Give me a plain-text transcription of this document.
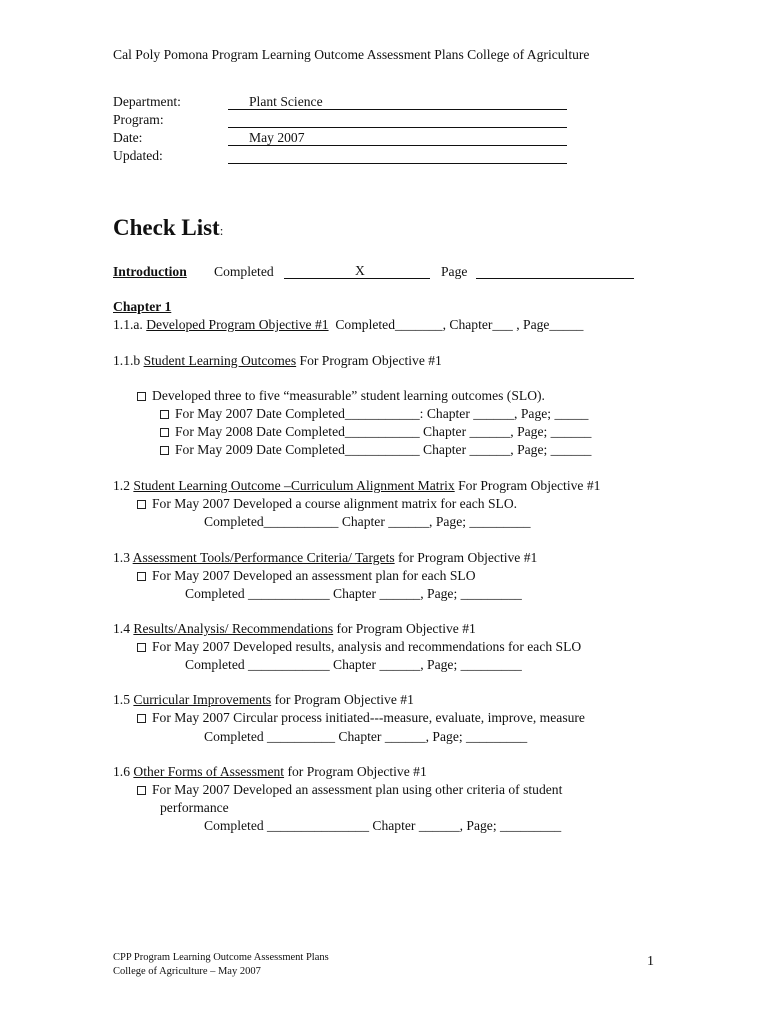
Cal Poly Pomona Program Learning Outcome Assessment Plans College of Agriculture
Department:	Plant Science
Program:
Date:	May 2007
Updated:
Check List:
Introduction Completed	X	Page
Chapter 1
1.1.a. Developed Program Objective #1  Completed_______, Chapter___ , Page_____
1.1.b Student Learning Outcomes For Program Objective #1
Developed three to five “measurable” student learning outcomes (SLO).
For May 2007 Date Completed___________: Chapter ______, Page; _____
For May 2008 Date Completed___________ Chapter ______, Page; ______
For May 2009 Date Completed___________ Chapter ______, Page; ______
1.2 Student Learning Outcome –Curriculum Alignment Matrix For Program Objective #1
For May 2007 Developed a course alignment matrix for each SLO.
Completed___________ Chapter ______, Page; _________
1.3 Assessment Tools/Performance Criteria/ Targets for Program Objective #1
For May 2007 Developed an assessment plan for each SLO
Completed ____________ Chapter ______, Page; _________
1.4 Results/Analysis/ Recommendations for Program Objective #1
For May 2007 Developed results, analysis and recommendations for each SLO
Completed ____________ Chapter ______, Page; _________
1.5 Curricular Improvements for Program Objective #1
For May 2007 Circular process initiated---measure, evaluate, improve, measure
Completed __________ Chapter ______, Page; _________
1.6 Other Forms of Assessment for Program Objective #1
For May 2007 Developed an assessment plan using other criteria of student
performance
Completed _______________ Chapter ______, Page; _________
CPP Program Learning Outcome Assessment Plans
College of Agriculture – May 2007
1
